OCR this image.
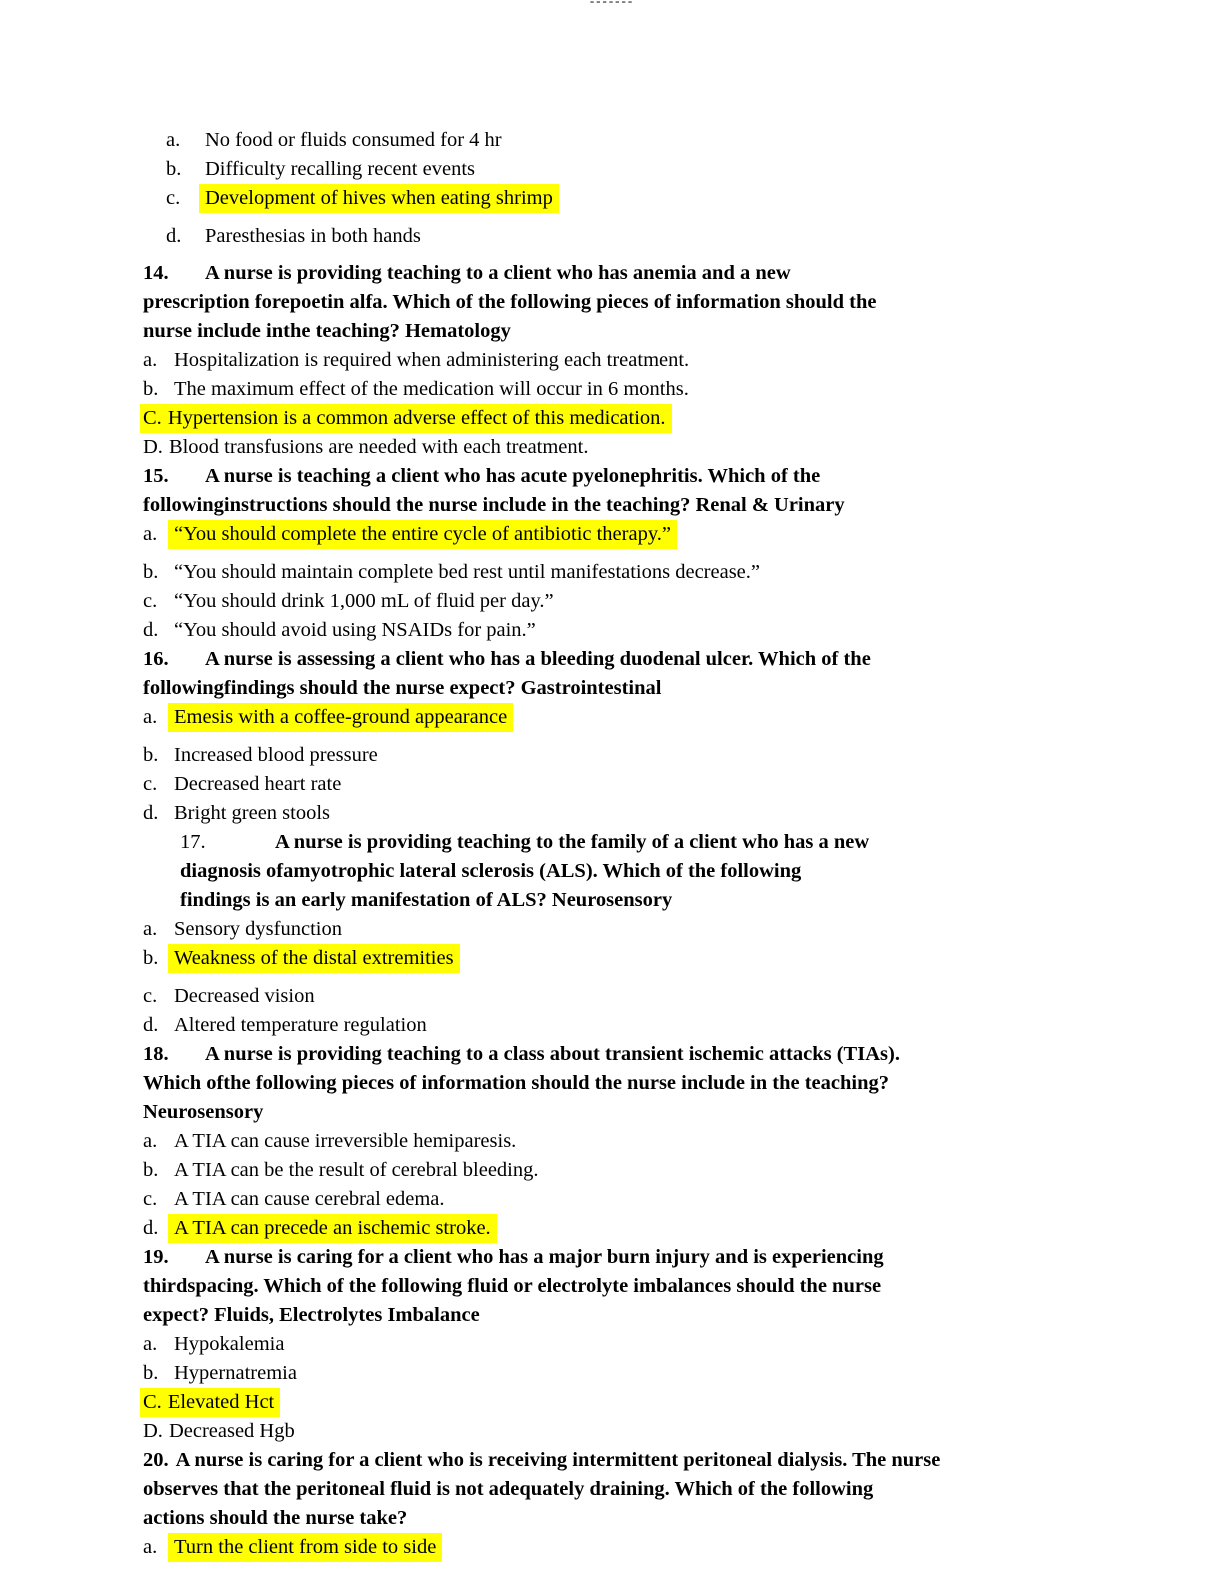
-------
a. No food or fluids consumed for 4 hr
b. Difficulty recalling recent events
c. Development of hives when eating shrimp
d. Paresthesias in both hands
14. A nurse is providing teaching to a client who has anemia and a new
prescription forepoetin alfa. Which of the following pieces of information should the
nurse include inthe teaching? Hematology
a. Hospitalization is required when administering each treatment.
b. The maximum effect of the medication will occur in 6 months.
C. Hypertension is a common adverse effect of this medication.
D. Blood transfusions are needed with each treatment.
15. A nurse is teaching a client who has acute pyelonephritis. Which of the
followinginstructions should the nurse include in the teaching? Renal & Urinary
a. “You should complete the entire cycle of antibiotic therapy.”
b. “You should maintain complete bed rest until manifestations decrease.”
c. “You should drink 1,000 mL of fluid per day.”
d. “You should avoid using NSAIDs for pain.”
16. A nurse is assessing a client who has a bleeding duodenal ulcer. Which of the
followingfindings should the nurse expect? Gastrointestinal
a. Emesis with a coffee-ground appearance
b. Increased blood pressure
c. Decreased heart rate
d. Bright green stools
17.	A nurse is providing teaching to the family of a client who has a new
diagnosis ofamyotrophic lateral sclerosis (ALS). Which of the following
findings is an early manifestation of ALS? Neurosensory
a. Sensory dysfunction
b. Weakness of the distal extremities
c. Decreased vision
d. Altered temperature regulation
18. A nurse is providing teaching to a class about transient ischemic attacks (TIAs).
Which ofthe following pieces of information should the nurse include in the teaching?
Neurosensory
a. A TIA can cause irreversible hemiparesis.
b. A TIA can be the result of cerebral bleeding.
c. A TIA can cause cerebral edema.
d. A TIA can precede an ischemic stroke.
19. A nurse is caring for a client who has a major burn injury and is experiencing
thirdspacing. Which of the following fluid or electrolyte imbalances should the nurse
expect? Fluids, Electrolytes Imbalance
a. Hypokalemia
b. Hypernatremia
C. Elevated Hct
D. Decreased Hgb
20. A nurse is caring for a client who is receiving intermittent peritoneal dialysis. The nurse
observes that the peritoneal fluid is not adequately draining. Which of the following
actions should the nurse take?
a. Turn the client from side to side
